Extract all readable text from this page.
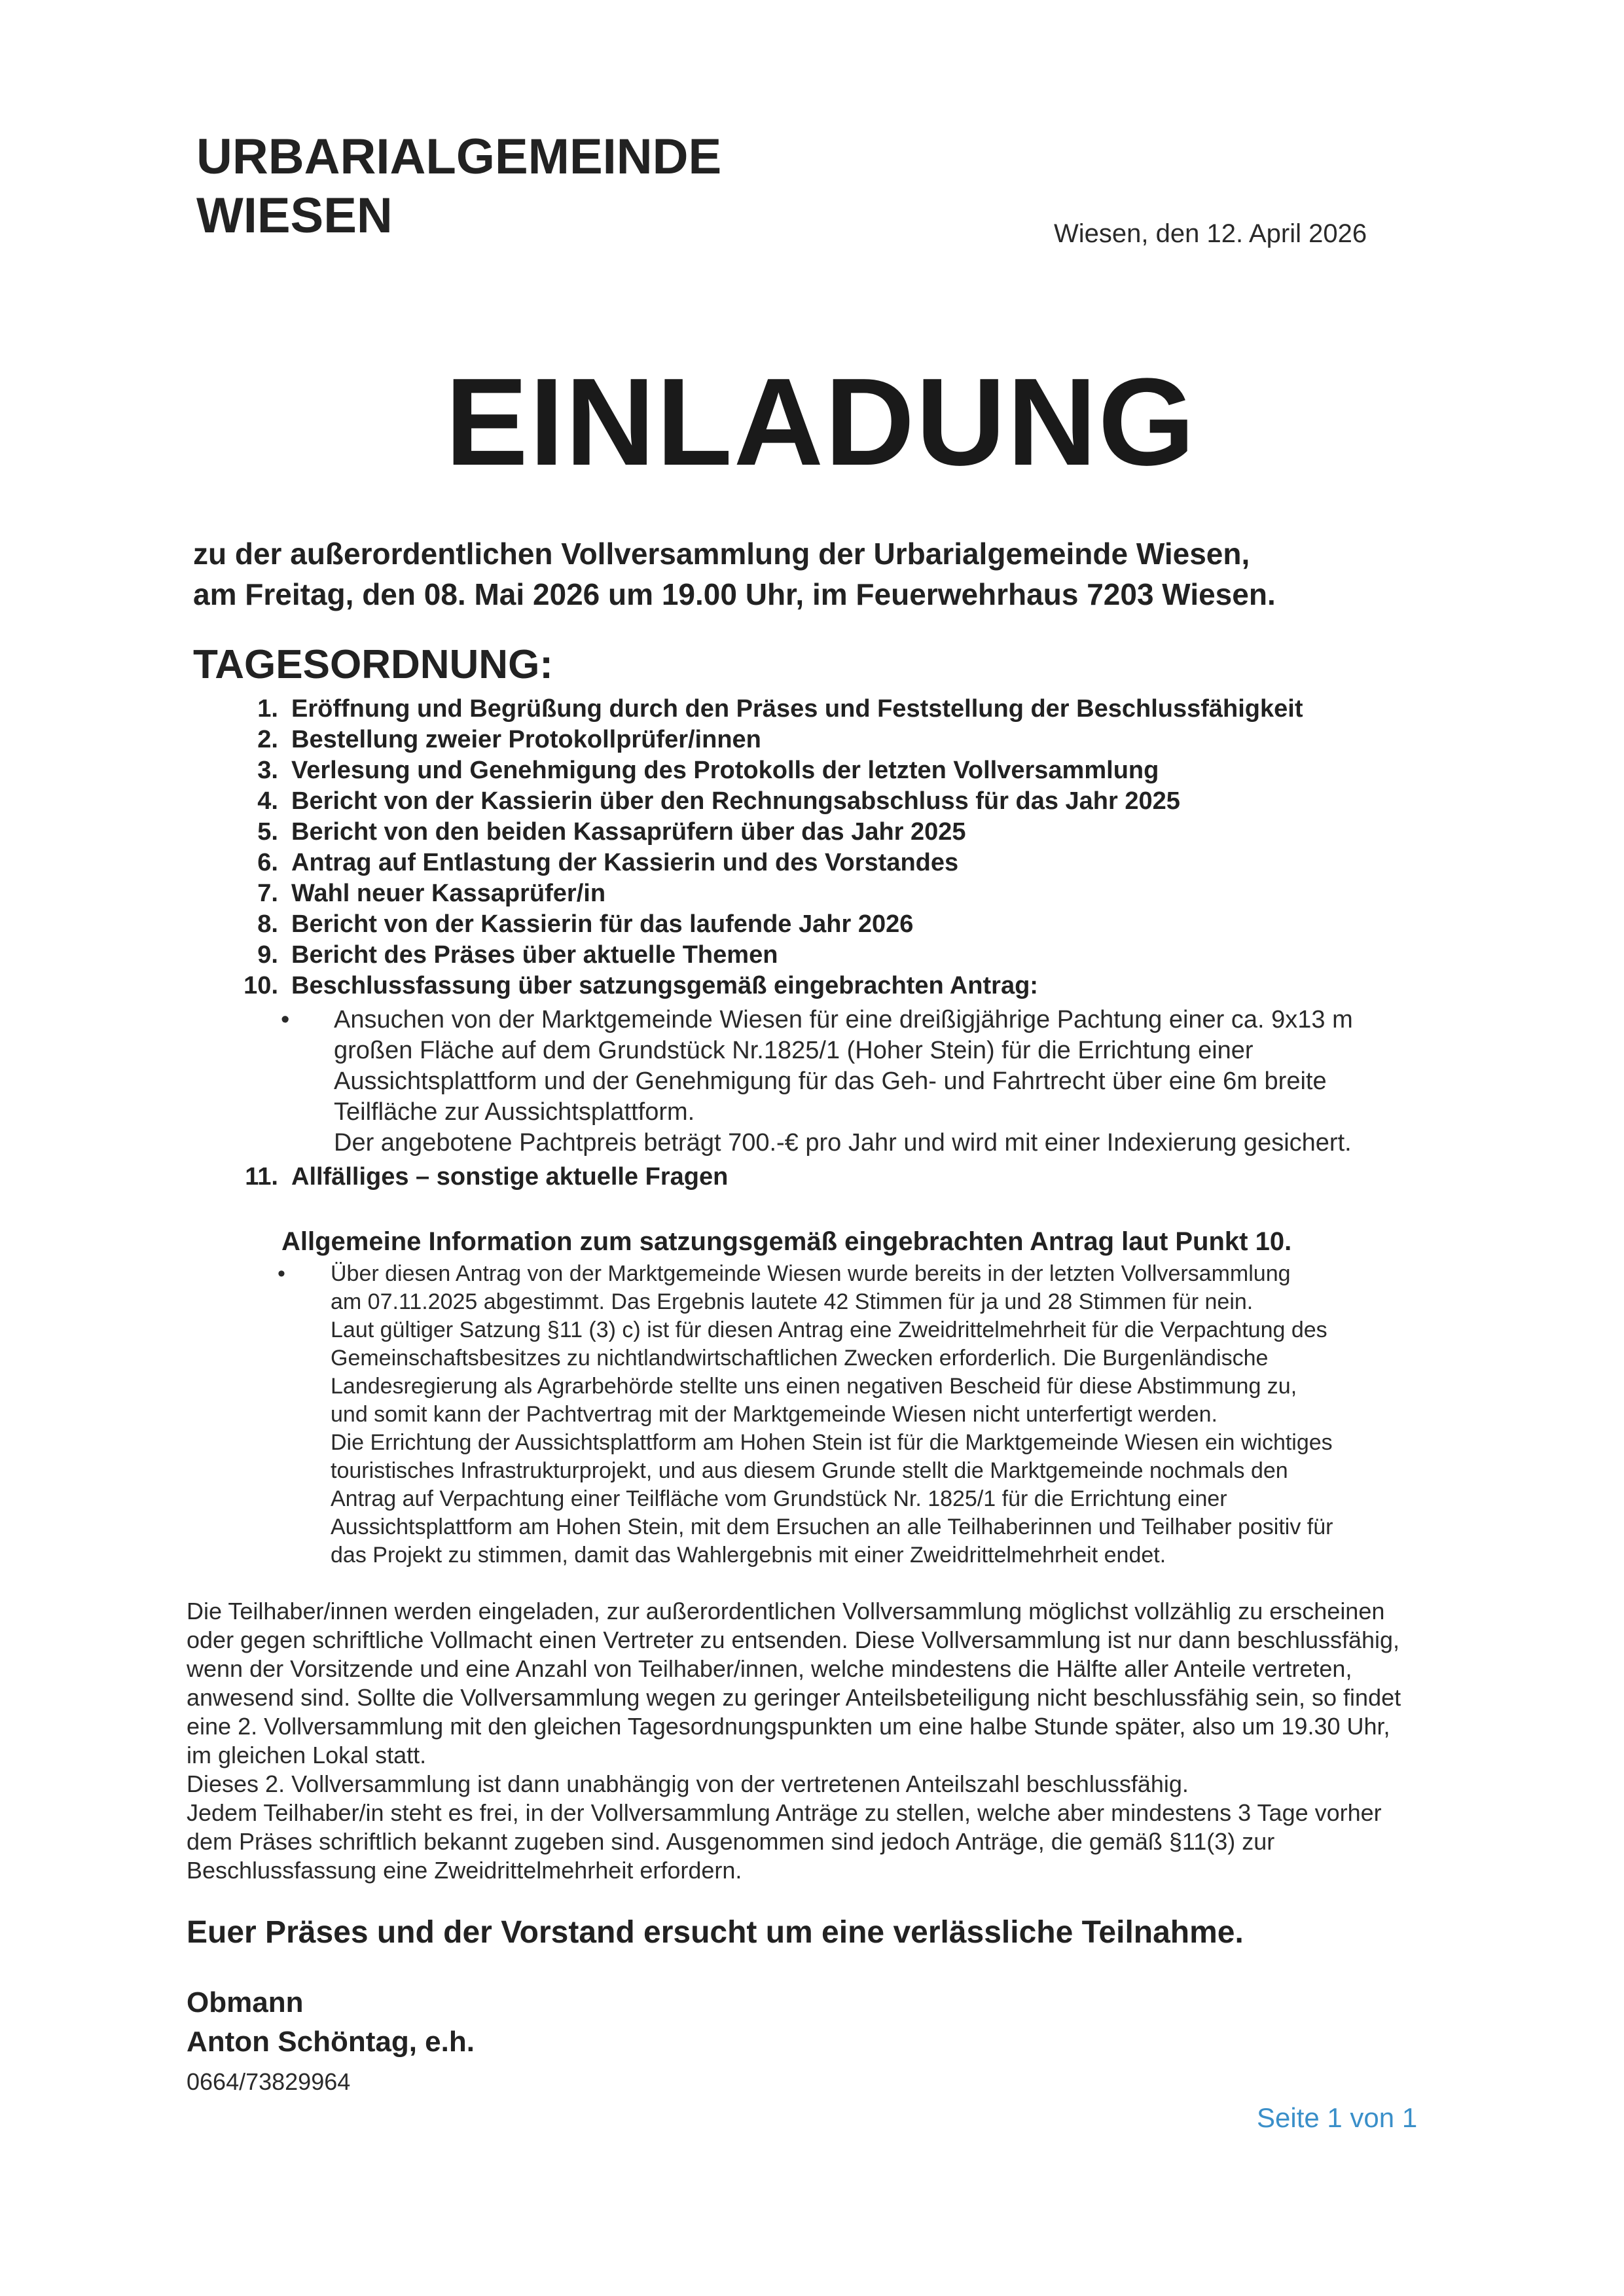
URBARIALGEMEINDE
WIESEN	Wiesen, den 12. April 2026
EINLADUNG
zu der außerordentlichen Vollversammlung der Urbarialgemeinde Wiesen,
am Freitag, den 08. Mai 2026 um 19.00 Uhr, im Feuerwehrhaus 7203 Wiesen.
TAGESORDNUNG:
1. Eröffnung und Begrüßung durch den Präses und Feststellung der Beschlussfähigkeit
2. Bestellung zweier Protokollprüfer/innen
3. Verlesung und Genehmigung des Protokolls der letzten Vollversammlung
4. Bericht von der Kassierin über den Rechnungsabschluss für das Jahr 2025
5. Bericht von den beiden Kassaprüfern über das Jahr 2025
6. Antrag auf Entlastung der Kassierin und des Vorstandes
7. Wahl neuer Kassaprüfer/in
8. Bericht von der Kassierin für das laufende Jahr 2026
9. Bericht des Präses über aktuelle Themen
10. Beschlussfassung über satzungsgemäß eingebrachten Antrag:
•	Ansuchen von der Marktgemeinde Wiesen für eine dreißigjährige Pachtung einer ca. 9x13 m
großen Fläche auf dem Grundstück Nr.1825/1 (Hoher Stein) für die Errichtung einer
Aussichtsplattform und der Genehmigung für das Geh- und Fahrtrecht über eine 6m breite
Teilfläche zur Aussichtsplattform.
Der angebotene Pachtpreis beträgt 700.-€ pro Jahr und wird mit einer Indexierung gesichert.
11. Allfälliges – sonstige aktuelle Fragen
Allgemeine Information zum satzungsgemäß eingebrachten Antrag laut Punkt 10.
•	Über diesen Antrag von der Marktgemeinde Wiesen wurde bereits in der letzten Vollversammlung
am 07.11.2025 abgestimmt. Das Ergebnis lautete 42 Stimmen für ja und 28 Stimmen für nein.
Laut gültiger Satzung §11 (3) c) ist für diesen Antrag eine Zweidrittelmehrheit für die Verpachtung des
Gemeinschaftsbesitzes zu nichtlandwirtschaftlichen Zwecken erforderlich. Die Burgenländische
Landesregierung als Agrarbehörde stellte uns einen negativen Bescheid für diese Abstimmung zu,
und somit kann der Pachtvertrag mit der Marktgemeinde Wiesen nicht unterfertigt werden.
Die Errichtung der Aussichtsplattform am Hohen Stein ist für die Marktgemeinde Wiesen ein wichtiges
touristisches Infrastrukturprojekt, und aus diesem Grunde stellt die Marktgemeinde nochmals den
Antrag auf Verpachtung einer Teilfläche vom Grundstück Nr. 1825/1 für die Errichtung einer
Aussichtsplattform am Hohen Stein, mit dem Ersuchen an alle Teilhaberinnen und Teilhaber positiv für
das Projekt zu stimmen, damit das Wahlergebnis mit einer Zweidrittelmehrheit endet.
Die Teilhaber/innen werden eingeladen, zur außerordentlichen Vollversammlung möglichst vollzählig zu erscheinen
oder gegen schriftliche Vollmacht einen Vertreter zu entsenden. Diese Vollversammlung ist nur dann beschlussfähig,
wenn der Vorsitzende und eine Anzahl von Teilhaber/innen, welche mindestens die Hälfte aller Anteile vertreten,
anwesend sind. Sollte die Vollversammlung wegen zu geringer Anteilsbeteiligung nicht beschlussfähig sein, so findet
eine 2. Vollversammlung mit den gleichen Tagesordnungspunkten um eine halbe Stunde später, also um 19.30 Uhr,
im gleichen Lokal statt.
Dieses 2. Vollversammlung ist dann unabhängig von der vertretenen Anteilszahl beschlussfähig.
Jedem Teilhaber/in steht es frei, in der Vollversammlung Anträge zu stellen, welche aber mindestens 3 Tage vorher
dem Präses schriftlich bekannt zugeben sind. Ausgenommen sind jedoch Anträge, die gemäß §11(3) zur
Beschlussfassung eine Zweidrittelmehrheit erfordern.
Euer Präses und der Vorstand ersucht um eine verlässliche Teilnahme.
Obmann
Anton Schöntag, e.h.
0664/73829964
Seite 1 von 1
